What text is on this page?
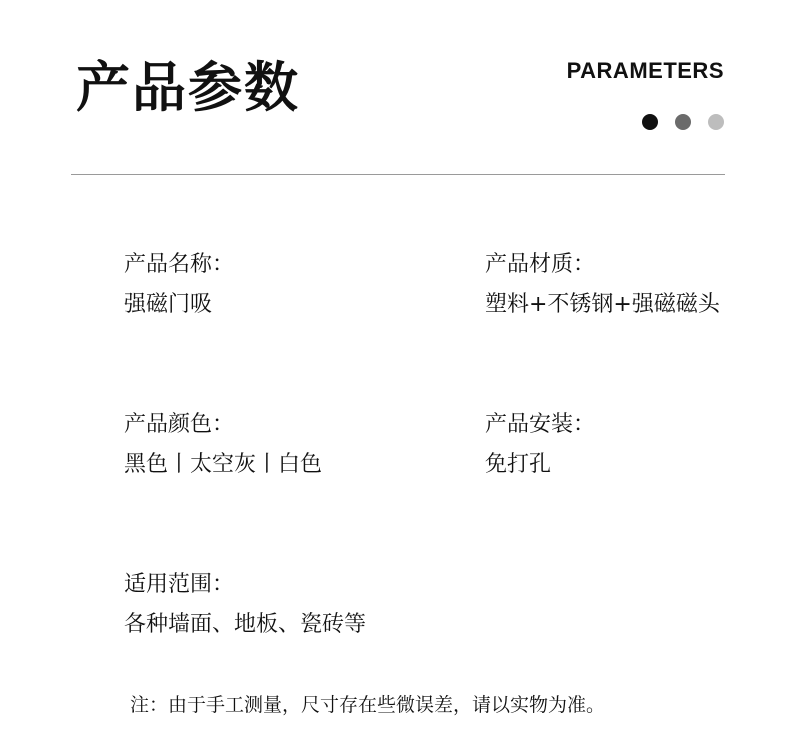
产品参数	PARAMETERS
产品名称：
强磁门吸
产品材质：
塑料+不锈钢+强磁磁头
产品颜色：
黑色丨太空灰丨白色
产品安装：
免打孔
适用范围：
各种墙面、地板、瓷砖等
注：由于手工测量，尺寸存在些微误差，请以实物为准。
